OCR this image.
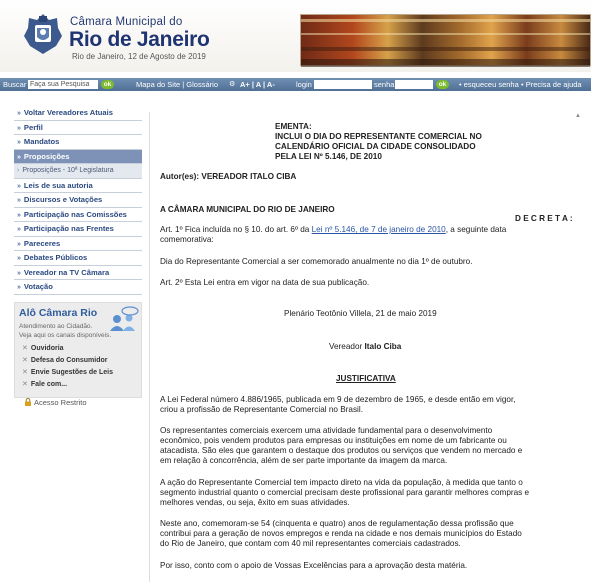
Câmara Municipal do
Rio de Janeiro
Rio de Janeiro, 12 de Agosto de 2019
Buscar
Faça sua Pesquisa	ok	Mapa do Site | Glossário ⚙ A+ | A | A-	login	senha	ok	• esqueceu senha • Precisa de ajuda
» Voltar Vereadores Atuais
» Perfil
» Mandatos
» Proposições
› Proposições - 10ª Legislatura
» Leis de sua autoria
» Discursos e Votações
» Participação nas Comissões
» Participação nas Frentes
» Pareceres
» Debates Públicos
» Vereador na TV Câmara
» Votação
Alô Câmara Rio
Atendimento ao Cidadão.
Veja aqui os canais disponíveis.
✕ Ouvidoria
✕ Defesa do Consumidor
✕ Envie Sugestões de Leis
✕ Fale com...
Acesso Restrito
▲
EMENTA:
INCLUI O DIA DO REPRESENTANTE COMERCIAL NO
CALENDÁRIO OFICIAL DA CIDADE CONSOLIDADO
PELA LEI Nº 5.146, DE 2010
Autor(es): VEREADOR ITALO CIBA
A CÂMARA MUNICIPAL DO RIO DE JANEIRO
D E C R E T A :
Art. 1º Fica incluída no § 10. do art. 6º da Lei nº 5.146, de 7 de janeiro de 2010, a seguinte data
comemorativa:
Dia do Representante Comercial a ser comemorado anualmente no dia 1º de outubro.
Art. 2º Esta Lei entra em vigor na data de sua publicação.
Plenário Teotônio Villela, 21 de maio 2019
Vereador Italo Ciba
JUSTIFICATIVA
A Lei Federal número 4.886/1965, publicada em 9 de dezembro de 1965, e desde então em vigor,
criou a profissão de Representante Comercial no Brasil.
Os representantes comerciais exercem uma atividade fundamental para o desenvolvimento
econômico, pois vendem produtos para empresas ou instituições em nome de um fabricante ou
atacadista. São eles que garantem o destaque dos produtos ou serviços que vendem no mercado e
em relação à concorrência, além de ser parte importante da imagem da marca.
A ação do Representante Comercial tem impacto direto na vida da população, à medida que tanto o
segmento industrial quanto o comercial precisam deste profissional para garantir melhores compras e
melhores vendas, ou seja, êxito em suas atividades.
Neste ano, comemoram-se 54 (cinquenta e quatro) anos de regulamentação dessa profissão que
contribui para a geração de novos empregos e renda na cidade e nos demais municípios do Estado
do Rio de Janeiro, que contam com 40 mil representantes comerciais cadastrados.
Por isso, conto com o apoio de Vossas Excelências para a aprovação desta matéria.
